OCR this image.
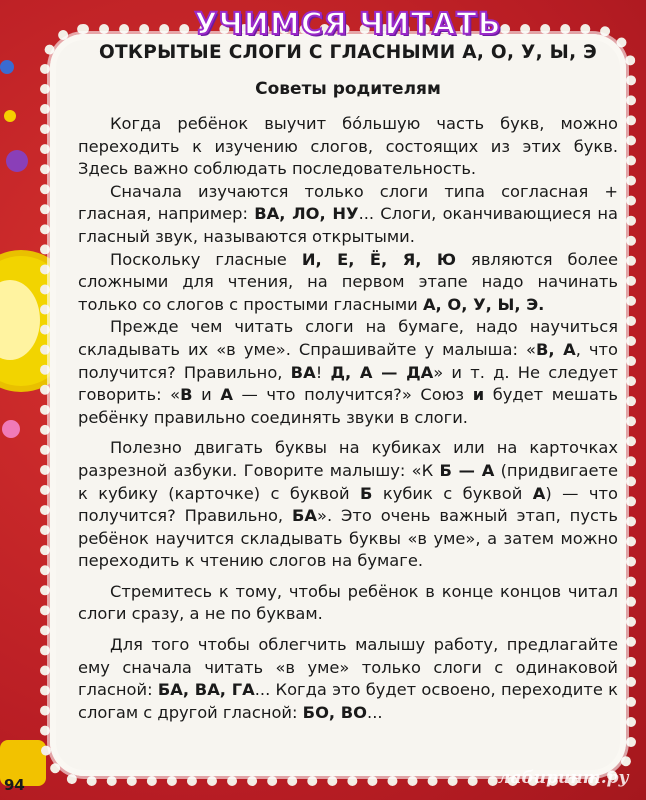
УЧИМСЯ ЧИТАТЬ
ОТКРЫТЫЕ СЛОГИ С ГЛАСНЫМИ А, О, У, Ы, Э
Советы родителям

Когда ребёнок выучит бо́льшую часть букв, можно переходить к изучению слогов, состоящих из этих букв. Здесь важно соблюдать последовательность.

Сначала изучаются только слоги типа согласная + гласная, например: ВА, ЛО, НУ... Слоги, оканчивающиеся на гласный звук, называются открытыми.

Поскольку гласные И, Е, Ё, Я, Ю являются более сложными для чтения, на первом этапе надо начинать только со слогов с простыми гласными А, О, У, Ы, Э.

Прежде чем читать слоги на бумаге, надо научиться складывать их «в уме». Спрашивайте у малыша: «В, А, что получится? Правильно, ВА! Д, А — ДА» и т. д. Не следует говорить: «В и А — что получится?» Союз и будет мешать ребёнку правильно соединять звуки в слоги.

Полезно двигать буквы на кубиках или на карточках разрезной азбуки. Говорите малышу: «К Б — А (придвигаете к кубику (карточке) с буквой Б кубик с буквой А) — что получится? Правильно, БА». Это очень важный этап, пусть ребёнок научится складывать буквы «в уме», а затем можно переходить к чтению слогов на бумаге.

Стремитесь к тому, чтобы ребёнок в конце концов читал слоги сразу, а не по буквам.

Для того чтобы облегчить малышу работу, предлагайте ему сначала читать «в уме» только слоги с одинаковой гласной: БА, ВА, ГА... Когда это будет освоено, переходите к слогам с другой гласной: БО, ВО...

94	лабиринт.ру
